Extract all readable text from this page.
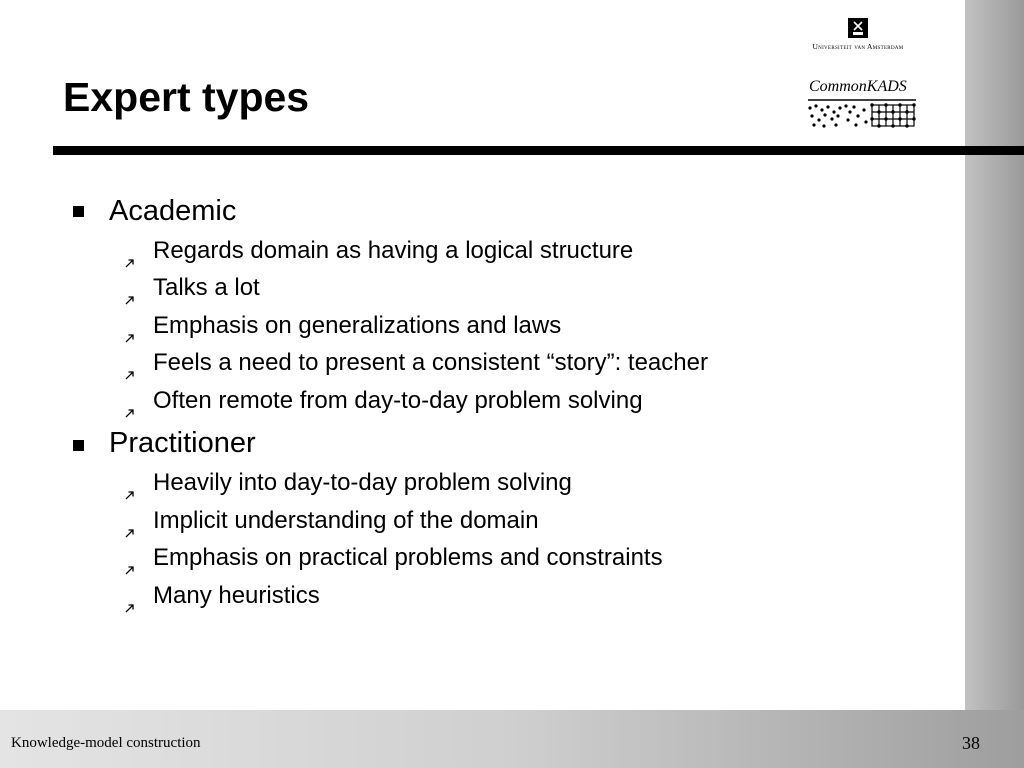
Expert types
Universiteit van Amsterdam
CommonKADS
Academic
Regards domain as having a logical structure
Talks a lot
Emphasis on generalizations and laws
Feels a need to present a consistent “story”: teacher
Often remote from day-to-day problem solving
Practitioner
Heavily into day-to-day problem solving
Implicit understanding of the domain
Emphasis on practical problems and constraints
Many heuristics
Knowledge-model construction	38
